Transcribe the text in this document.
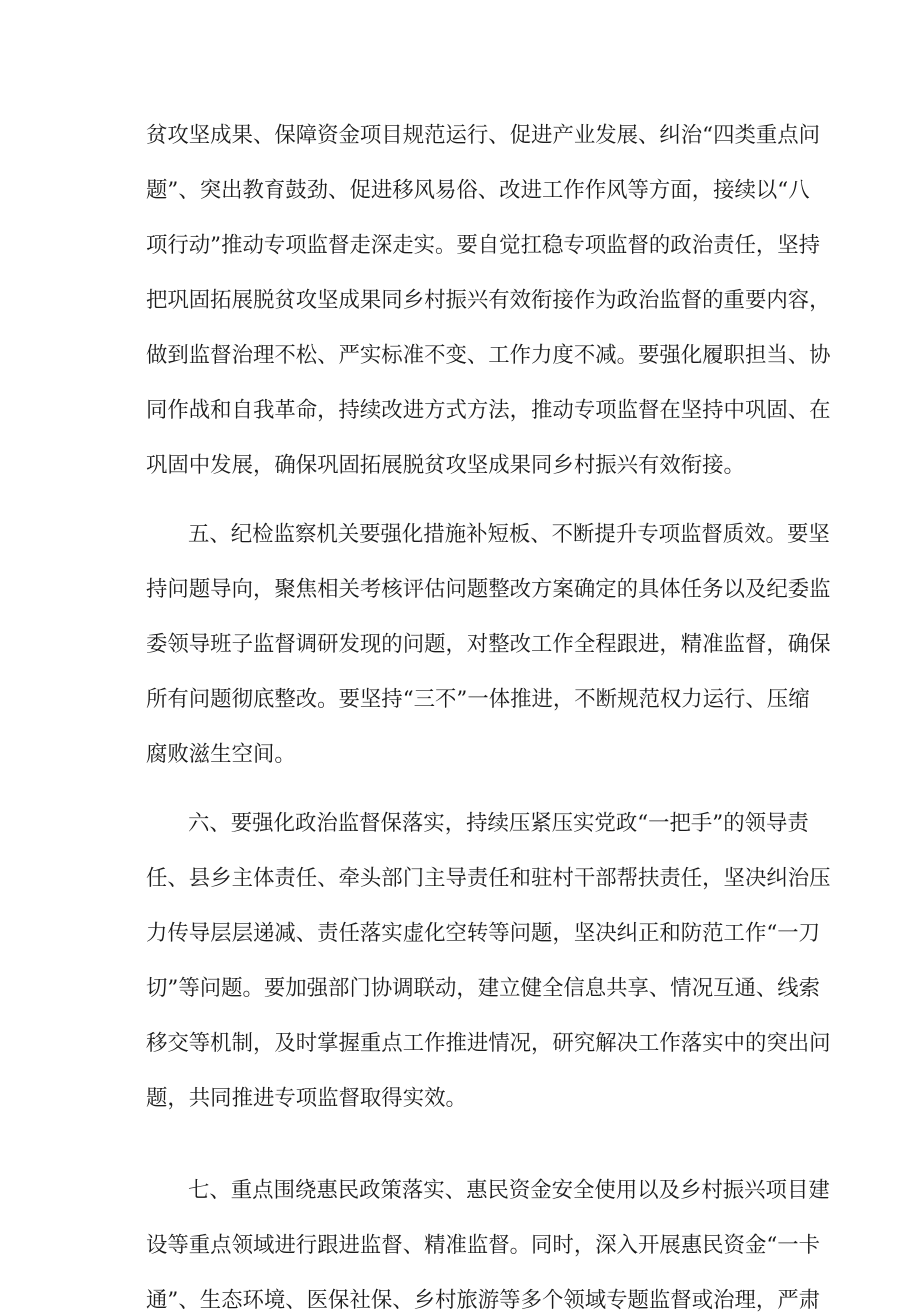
贫攻坚成果、保障资金项目规范运行、促进产业发展、纠治“四类重点问
题”、突出教育鼓劲、促进移风易俗、改进工作作风等方面，接续以“八
项行动”推动专项监督走深走实。要自觉扛稳专项监督的政治责任，坚持
把巩固拓展脱贫攻坚成果同乡村振兴有效衔接作为政治监督的重要内容，
做到监督治理不松、严实标准不变、工作力度不减。要强化履职担当、协
同作战和自我革命，持续改进方式方法，推动专项监督在坚持中巩固、在
巩固中发展，确保巩固拓展脱贫攻坚成果同乡村振兴有效衔接。
五、纪检监察机关要强化措施补短板、不断提升专项监督质效。要坚
持问题导向，聚焦相关考核评估问题整改方案确定的具体任务以及纪委监
委领导班子监督调研发现的问题，对整改工作全程跟进，精准监督，确保
所有问题彻底整改。要坚持“三不”一体推进，不断规范权力运行、压缩
腐败滋生空间。
六、要强化政治监督保落实，持续压紧压实党政“一把手”的领导责
任、县乡主体责任、牵头部门主导责任和驻村干部帮扶责任，坚决纠治压
力传导层层递减、责任落实虚化空转等问题，坚决纠正和防范工作“一刀
切”等问题。要加强部门协调联动，建立健全信息共享、情况互通、线索
移交等机制，及时掌握重点工作推进情况，研究解决工作落实中的突出问
题，共同推进专项监督取得实效。
七、重点围绕惠民政策落实、惠民资金安全使用以及乡村振兴项目建
设等重点领域进行跟进监督、精准监督。同时，深入开展惠民资金“一卡
通”、生态环境、医保社保、乡村旅游等多个领域专题监督或治理，严肃
